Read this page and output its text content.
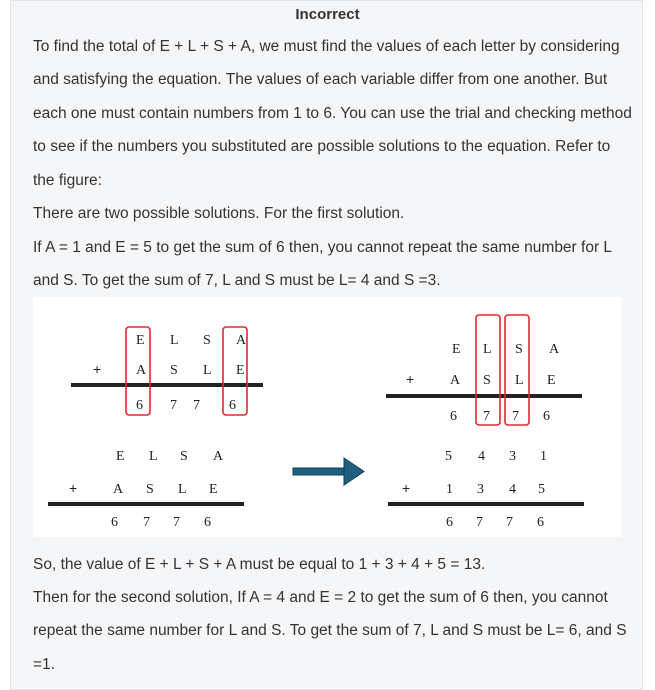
Incorrect

To find the total of E + L + S + A, we must find the values of each letter by considering and satisfying the equation. The values of each variable differ from one another. But each one must contain numbers from 1 to 6. You can use the trial and checking method to see if the numbers you substituted are possible solutions to the equation. Refer to the figure:

There are two possible solutions. For the first solution.

If A = 1 and E = 5 to get the sum of 6 then, you cannot repeat the same number for L and S. To get the sum of 7, L and S must be L= 4 and S =3.

+
E L S A
A S L E
6 7 7 6
E L S A
+	A S L E
6 7 7 6
E L S A
+	A S L E
6 7 7 6
5 4 3 1
+	1 3 4 5
6 7 7 6

So, the value of E + L + S + A must be equal to 1 + 3 + 4 + 5 = 13.

Then for the second solution, If A = 4 and E = 2 to get the sum of 6 then, you cannot repeat the same number for L and S. To get the sum of 7, L and S must be L= 6, and S =1.
